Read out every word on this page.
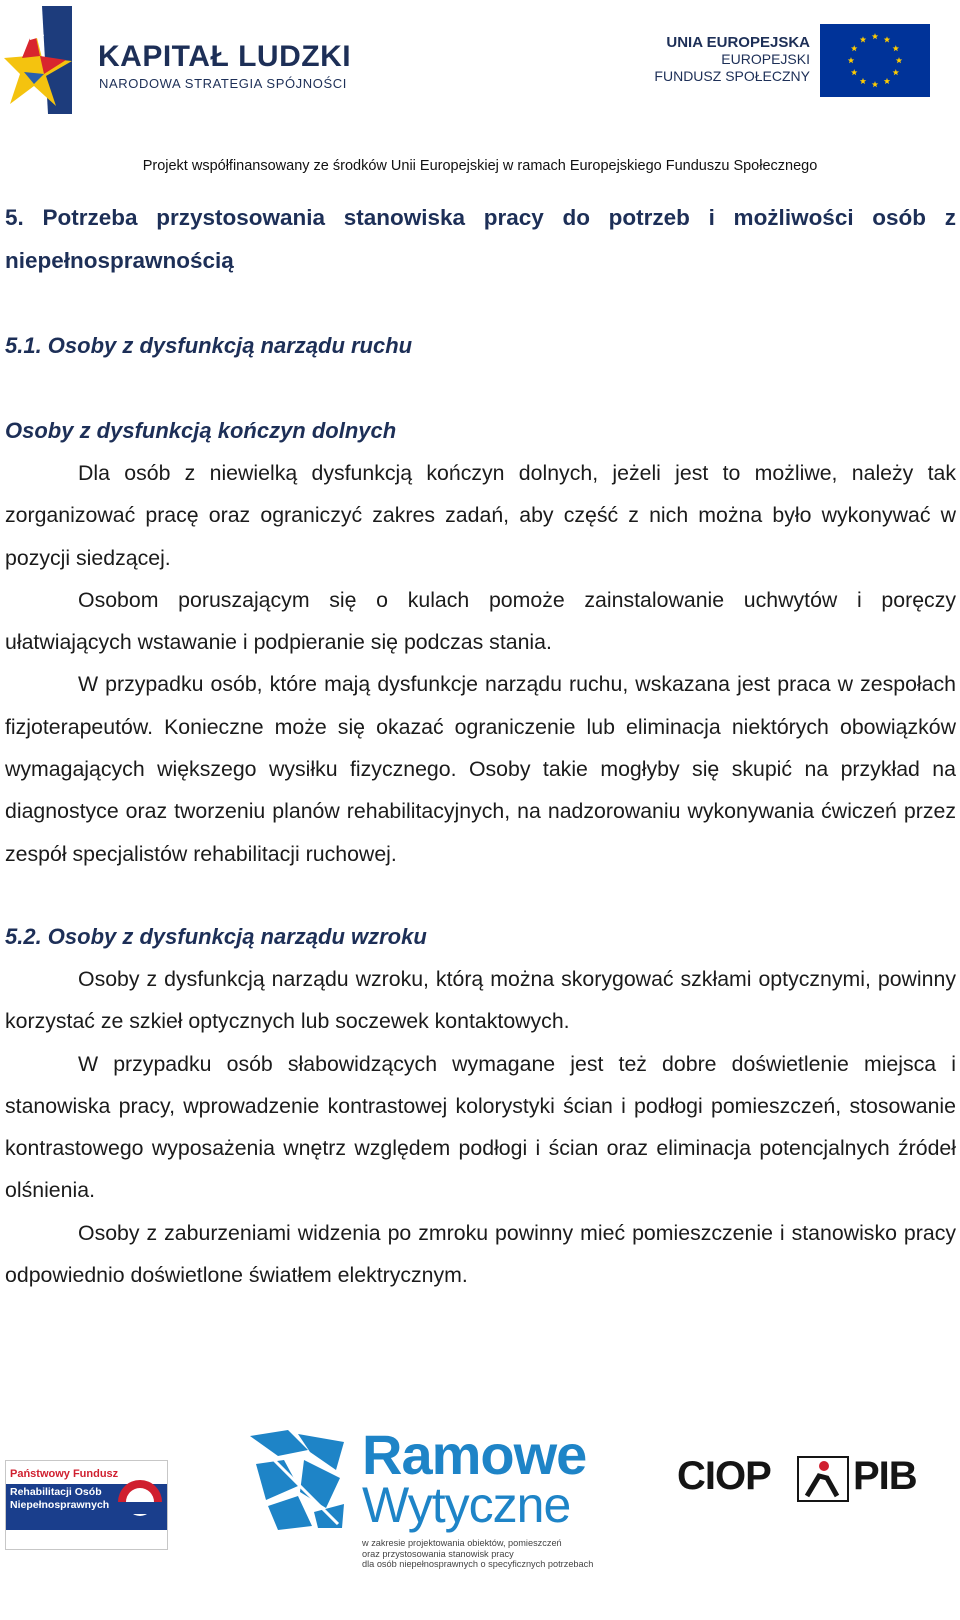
KAPITAŁ LUDZKI
NARODOWA STRATEGIA SPÓJNOŚCI
UNIA EUROPEJSKA
EUROPEJSKI
FUNDUSZ SPOŁECZNY
Projekt współfinansowany ze środków Unii Europejskiej w ramach Europejskiego Funduszu Społecznego
5. Potrzeba przystosowania stanowiska pracy do potrzeb i możliwości osób z niepełnosprawnością
5.1. Osoby z dysfunkcją narządu ruchu
Osoby z dysfunkcją kończyn dolnych

Dla osób z niewielką dysfunkcją kończyn dolnych, jeżeli jest to możliwe, należy tak zorganizować pracę oraz ograniczyć zakres zadań, aby część z nich można było wykonywać w pozycji siedzącej.

Osobom poruszającym się o kulach pomoże zainstalowanie uchwytów i poręczy ułatwiających wstawanie i podpieranie się podczas stania.

W przypadku osób, które mają dysfunkcje narządu ruchu, wskazana jest praca w zespołach fizjoterapeutów. Konieczne może się okazać ograniczenie lub eliminacja niektórych obowiązków wymagających większego wysiłku fizycznego. Osoby takie mogłyby się skupić na przykład na diagnostyce oraz tworzeniu planów rehabilitacyjnych, na nadzorowaniu wykonywania ćwiczeń przez zespół specjalistów rehabilitacji ruchowej.

5.2. Osoby z dysfunkcją narządu wzroku

Osoby z dysfunkcją narządu wzroku, którą można skorygować szkłami optycznymi, powinny korzystać ze szkieł optycznych lub soczewek kontaktowych.

W przypadku osób słabowidzących wymagane jest też dobre doświetlenie miejsca i stanowiska pracy, wprowadzenie kontrastowej kolorystyki ścian i podłogi pomieszczeń, stosowanie kontrastowego wyposażenia wnętrz względem podłogi i ścian oraz eliminacja potencjalnych źródeł olśnienia.

Osoby z zaburzeniami widzenia po zmroku powinny mieć pomieszczenie i stanowisko pracy odpowiednio doświetlone światłem elektrycznym.

Państwowy Fundusz
Rehabilitacji Osób
Niepełnosprawnych
Ramowe
Wytyczne
w zakresie projektowania obiektów, pomieszczeń
oraz przystosowania stanowisk pracy
dla osób niepełnosprawnych o specyficznych potrzebach
CIOP PIB
